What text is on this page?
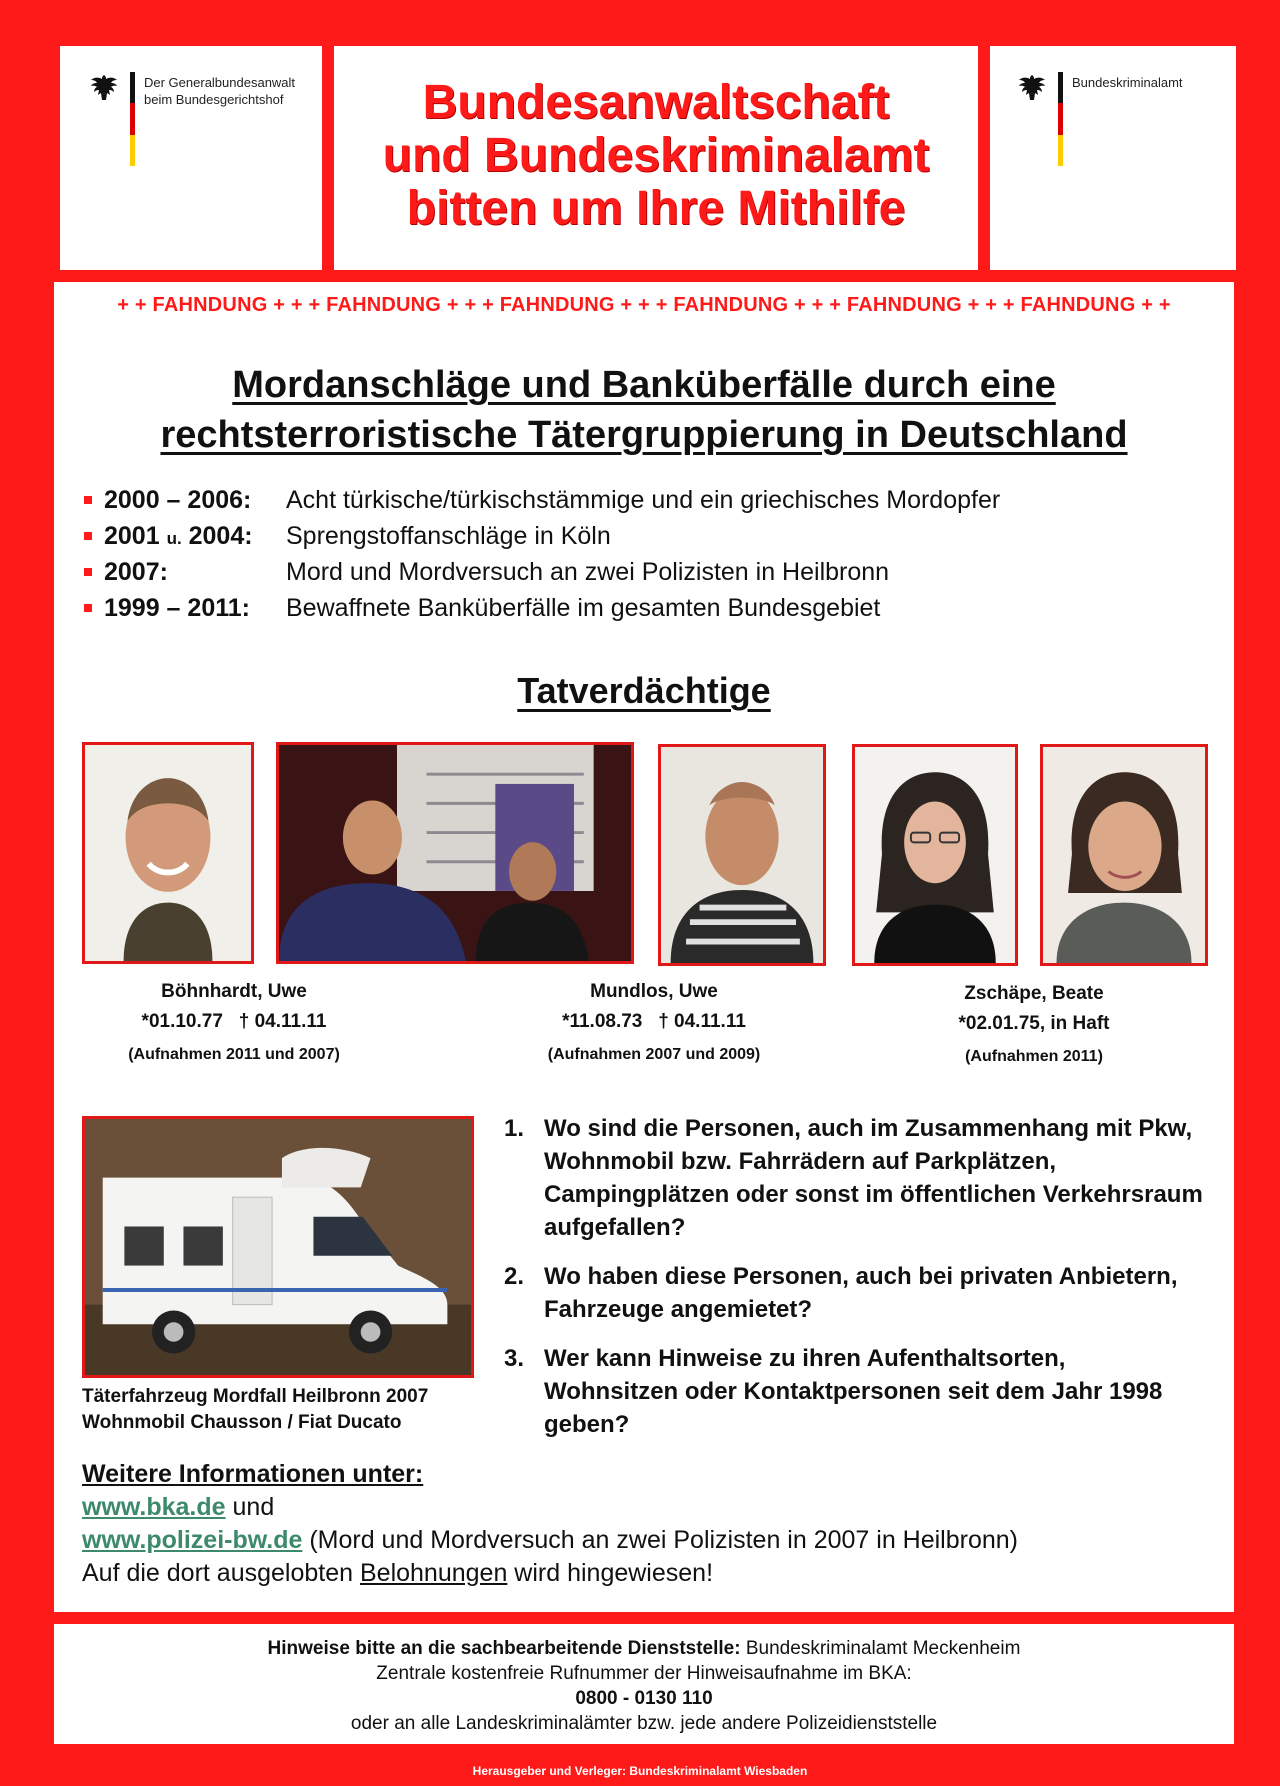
Der Generalbundesanwalt beim Bundesgerichtshof	Bundesanwaltschaft
und Bundeskriminalamt
bitten um Ihre Mithilfe
Bundeskriminalamt
+ + FAHNDUNG + + + FAHNDUNG + + + FAHNDUNG + + + FAHNDUNG + + + FAHNDUNG + + + FAHNDUNG + +
Mordanschläge und Banküberfälle durch eine
rechtsterroristische Tätergruppierung in Deutschland
2000 – 2006:	Acht türkische/türkischstämmige und ein griechisches Mordopfer
2001 u. 2004:	Sprengstoffanschläge in Köln
2007:	Mord und Mordversuch an zwei Polizisten in Heilbronn
1999 – 2011:	Bewaffnete Banküberfälle im gesamten Bundesgebiet
Tatverdächtige
Böhnhardt, Uwe
*01.10.77   † 04.11.11
(Aufnahmen 2011 und 2007)
Mundlos, Uwe
*11.08.73   † 04.11.11
(Aufnahmen 2007 und 2009)
Zschäpe, Beate
*02.01.75, in Haft
(Aufnahmen 2011)
Täterfahrzeug Mordfall Heilbronn 2007
Wohnmobil Chausson / Fiat Ducato
1. Wo sind die Personen, auch im Zusammenhang mit Pkw, Wohnmobil bzw. Fahrrädern auf Parkplätzen, Campingplätzen oder sonst im öffentlichen Verkehrsraum aufgefallen?
2. Wo haben diese Personen, auch bei privaten Anbietern, Fahrzeuge angemietet?
3. Wer kann Hinweise zu ihren Aufenthaltsorten, Wohnsitzen oder Kontaktpersonen seit dem Jahr 1998 geben?
Weitere Informationen unter:
www.bka.de und
www.polizei-bw.de (Mord und Mordversuch an zwei Polizisten in 2007 in Heilbronn)
Auf die dort ausgelobten Belohnungen wird hingewiesen!
Hinweise bitte an die sachbearbeitende Dienststelle: Bundeskriminalamt Meckenheim
Zentrale kostenfreie Rufnummer der Hinweisaufnahme im BKA:
0800 - 0130 110
oder an alle Landeskriminalämter bzw. jede andere Polizeidienststelle
Herausgeber und Verleger: Bundeskriminalamt Wiesbaden
